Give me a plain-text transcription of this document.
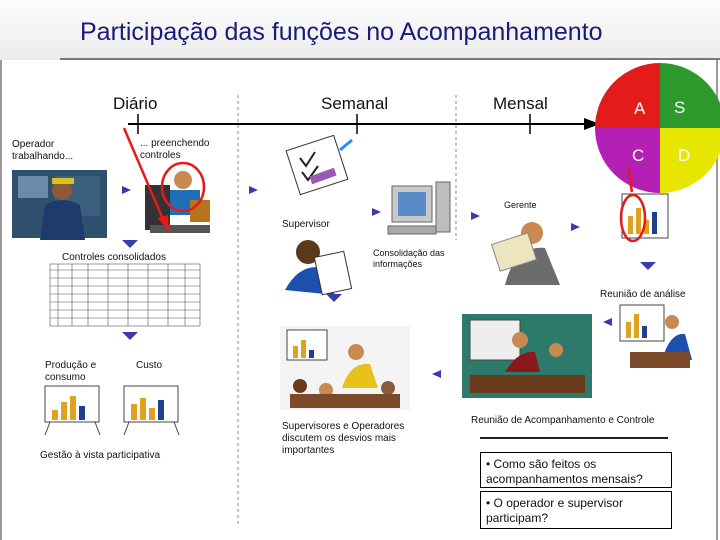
Participação das funções no Acompanhamento
Diário	Semanal	Mensal	A S
C D
Operador trabalhando...
... preenchendo controles
Controles consolidados
Produção e consumo
Custo
Gestão à vista participativa
Supervisor
Consolidação das informações
Supervisores e Operadores discutem os desvios mais importantes
Gerente
Reunião de análise
Reunião de Acompanhamento e Controle
• Como são feitos os acompanhamentos mensais?
• O operador e supervisor participam?
